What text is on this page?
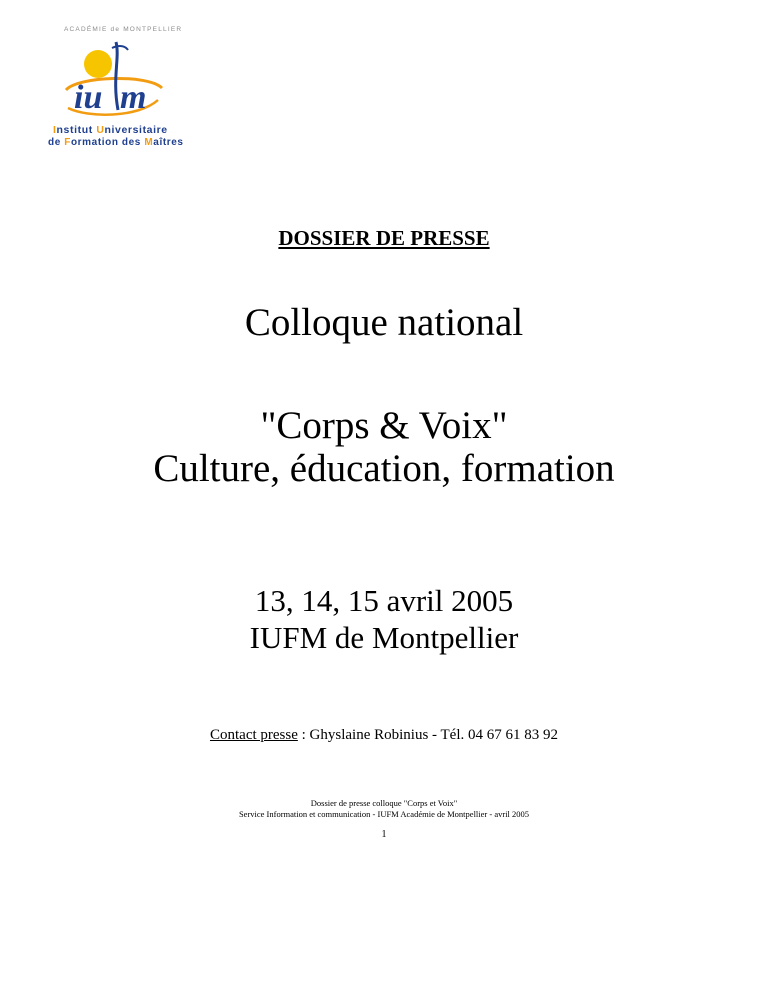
ACADÉMIE de MONTPELLIER
iu m
Institut Universitaire
de Formation des Maîtres
DOSSIER DE PRESSE
Colloque national
"Corps & Voix"
Culture, éducation, formation
13, 14, 15 avril 2005
IUFM de Montpellier
Contact presse : Ghyslaine Robinius - Tél. 04 67 61 83 92
Dossier de presse colloque "Corps et Voix"
Service Information et communication - IUFM Académie de Montpellier - avril 2005
1
